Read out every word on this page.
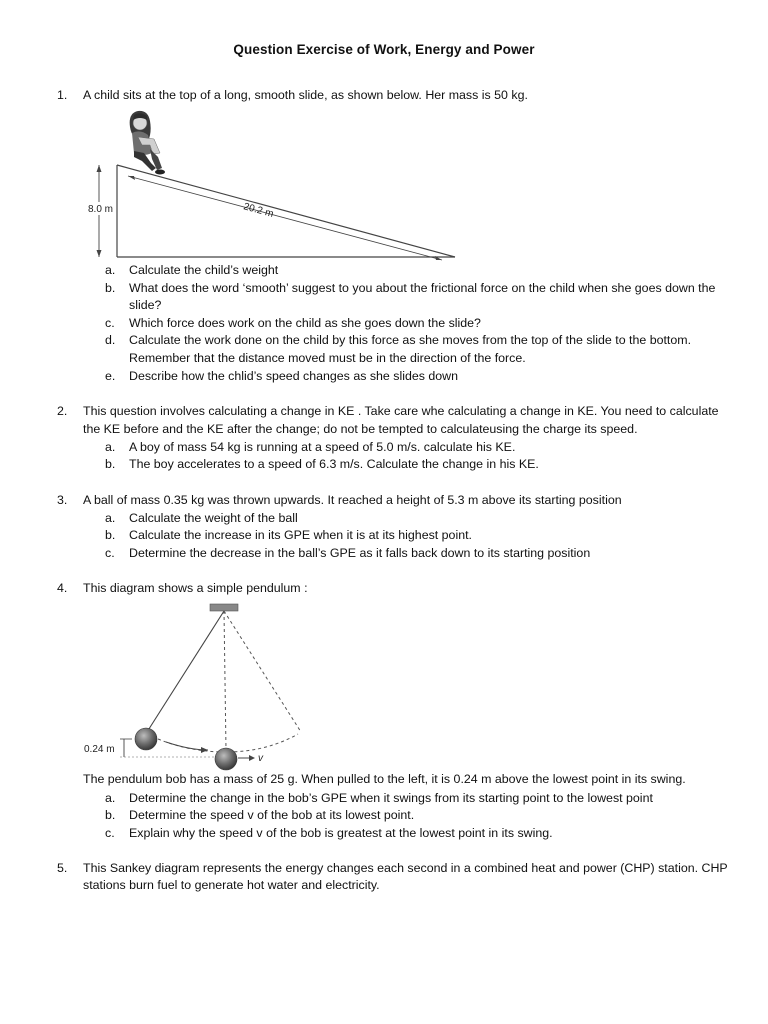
Question Exercise of Work, Energy and Power
1. A child sits at the top of a long, smooth slide, as shown below. Her mass is 50 kg.
8.0 m	20.2 m
a. Calculate the child’s weight
b. What does the word ‘smooth’ suggest to you about the frictional force on the child when she goes down the slide?
c. Which force does work on the child as she goes down the slide?
d. Calculate the work done on the child by this force as she moves from the top of the slide to the bottom. Remember that the distance moved must be in the direction of the force.
e. Describe how the chlid’s speed changes as she slides down
2. This question involves calculating a change in KE . Take care whe calculating a change in KE. You need to calculate the KE before and the KE after the change; do not be tempted to calculateusing the charge its speed.
a. A boy of mass 54 kg is running at a speed of 5.0 m/s. calculate his KE.
b. The boy accelerates to a speed of 6.3 m/s. Calculate the change in his KE.
3. A ball of mass 0.35 kg was thrown upwards. It reached a height of 5.3 m above its starting position
a. Calculate the weight of the ball
b. Calculate the increase in its GPE when it is at its highest point.
c. Determine the decrease in the ball’s GPE as it falls back down to its starting position
4. This diagram shows a simple pendulum :
v
0.24 m
The pendulum bob has a mass of 25 g. When pulled to the left, it is 0.24 m above the lowest point in its swing.
a. Determine the change in the bob’s GPE when it swings from its starting point to the lowest point
b. Determine the speed v of the bob at its lowest point.
c. Explain why the speed v of the bob is greatest at the lowest point in its swing.
5. This Sankey diagram represents the energy changes each second in a combined heat and power (CHP) station. CHP stations burn fuel to generate hot water and electricity.
